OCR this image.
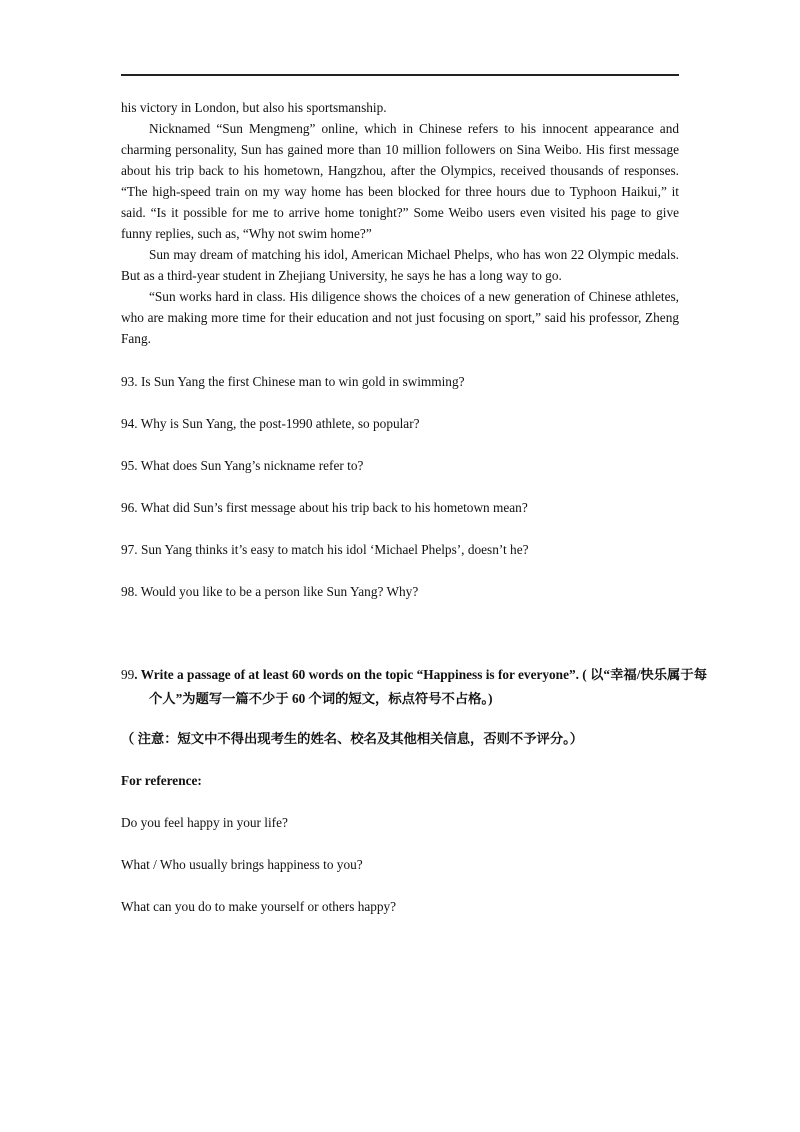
his victory in London, but also his sportsmanship.

Nicknamed “Sun Mengmeng” online, which in Chinese refers to his innocent appearance and charming personality, Sun has gained more than 10 million followers on Sina Weibo. His first message about his trip back to his hometown, Hangzhou, after the Olympics, received thousands of responses. “The high-speed train on my way home has been blocked for three hours due to Typhoon Haikui,” it said. “Is it possible for me to arrive home tonight?” Some Weibo users even visited his page to give funny replies, such as, “Why not swim home?”

Sun may dream of matching his idol, American Michael Phelps, who has won 22 Olympic medals. But as a third-year student in Zhejiang University, he says he has a long way to go.

“Sun works hard in class. His diligence shows the choices of a new generation of Chinese athletes, who are making more time for their education and not just focusing on sport,” said his professor, Zheng Fang.

93. Is Sun Yang the first Chinese man to win gold in swimming?

94. Why is Sun Yang, the post-1990 athlete, so popular?

95. What does Sun Yang’s nickname refer to?

96. What did Sun’s first message about his trip back to his hometown mean?

97. Sun Yang thinks it’s easy to match his idol ‘Michael Phelps’, doesn’t he?

98. Would you like to be a person like Sun Yang? Why?

99. Write a passage of at least 60 words on the topic “Happiness is for everyone”. ( 以“幸福/快乐属于每个人”为题写一篇不少于 60 个词的短文，标点符号不占格。)

（ 注意：短文中不得出现考生的姓名、校名及其他相关信息，否则不予评分。）

For reference:

Do you feel happy in your life?

What / Who usually brings happiness to you?

What can you do to make yourself or others happy?
